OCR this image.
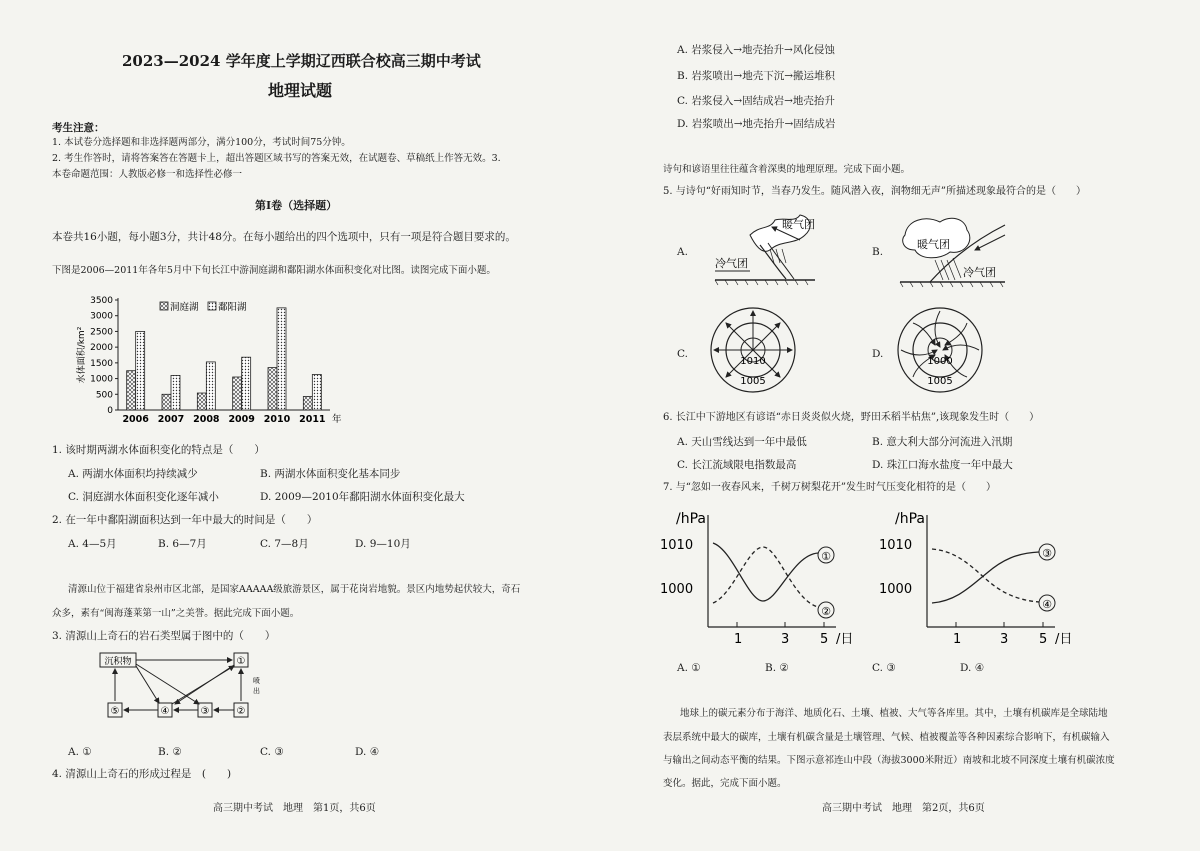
2023—2024 学年度上学期辽西联合校高三期中考试
地理试题
考生注意：
1. 本试卷分选择题和非选择题两部分，满分100分，考试时间75分钟。
2. 考生作答时，请将答案答在答题卡上，超出答题区域书写的答案无效，在试题卷、草稿纸上作答无效。3.
本卷命题范围：人教版必修一和选择性必修一
第Ⅰ卷（选择题）
本卷共16小题，每小题3分，共计48分。在每小题给出的四个选项中，只有一项是符合题目要求的。
下图是2006—2011年各年5月中下旬长江中游洞庭湖和鄱阳湖水体面积变化对比图。读图完成下面小题。
0
500
1000
1500
2000
2500
3000
3500
水体面积/km²
2006 2007 2008 2009 2010 2011 年
洞庭湖 鄱阳湖
1. 该时期两湖水体面积变化的特点是（　　）
A. 两湖水体面积均持续减少	B. 两湖水体面积变化基本同步
C. 洞庭湖水体面积变化逐年减小	D. 2009—2010年鄱阳湖水体面积变化最大
2. 在一年中鄱阳湖面积达到一年中最大的时间是（　　）
A. 4—5月	B. 6—7月	C. 7—8月	D. 9—10月
清源山位于福建省泉州市区北部，是国家AAAAA级旅游景区，属于花岗岩地貌。景区内地势起伏较大，奇石
众多，素有“闽海蓬莱第一山”之美誉。据此完成下面小题。
3. 清源山上奇石的岩石类型属于图中的（　　）
沉积物	①
②
③
④
⑤
喷出
A. ①	B. ②	C. ③	D. ④
4. 清源山上奇石的形成过程是　(　　)
高三期中考试　地理　第1页，共6页
A. 岩浆侵入→地壳抬升→风化侵蚀
B. 岩浆喷出→地壳下沉→搬运堆积
C. 岩浆侵入→固结成岩→地壳抬升
D. 岩浆喷出→地壳抬升→固结成岩
诗句和谚语里往往蕴含着深奥的地理原理。完成下面小题。
5. 与诗句“好雨知时节，当春乃发生。随风潜入夜，润物细无声”所描述现象最符合的是（　　）
A.
暖气团
冷气团
B.
暖气团
冷气团
C.
1010
1005
D.
1000
1005
6. 长江中下游地区有谚语“赤日炎炎似火烧，野田禾稻半枯焦”,该现象发生时（　　）
A. 天山雪线达到一年中最低	B. 意大利大部分河流进入汛期
C. 长江流域限电指数最高	D. 珠江口海水盐度一年中最大
7. 与“忽如一夜春风来，千树万树梨花开”发生时气压变化相符的是（　　）
/hPa
1010
1000
1	3 5 /日
①
②
/hPa
1010
1000
1	3 5 /日
③
④
A. ①	B. ②	C. ③	D. ④
地球上的碳元素分布于海洋、地质化石、土壤、植被、大气等各库里。其中，土壤有机碳库是全球陆地
表层系统中最大的碳库，土壤有机碳含量是土壤管理、气候、植被覆盖等各种因素综合影响下，有机碳输入
与输出之间动态平衡的结果。下图示意祁连山中段（海拔3000米附近）南坡和北坡不同深度土壤有机碳浓度
变化。据此，完成下面小题。
高三期中考试　地理　第2页，共6页
